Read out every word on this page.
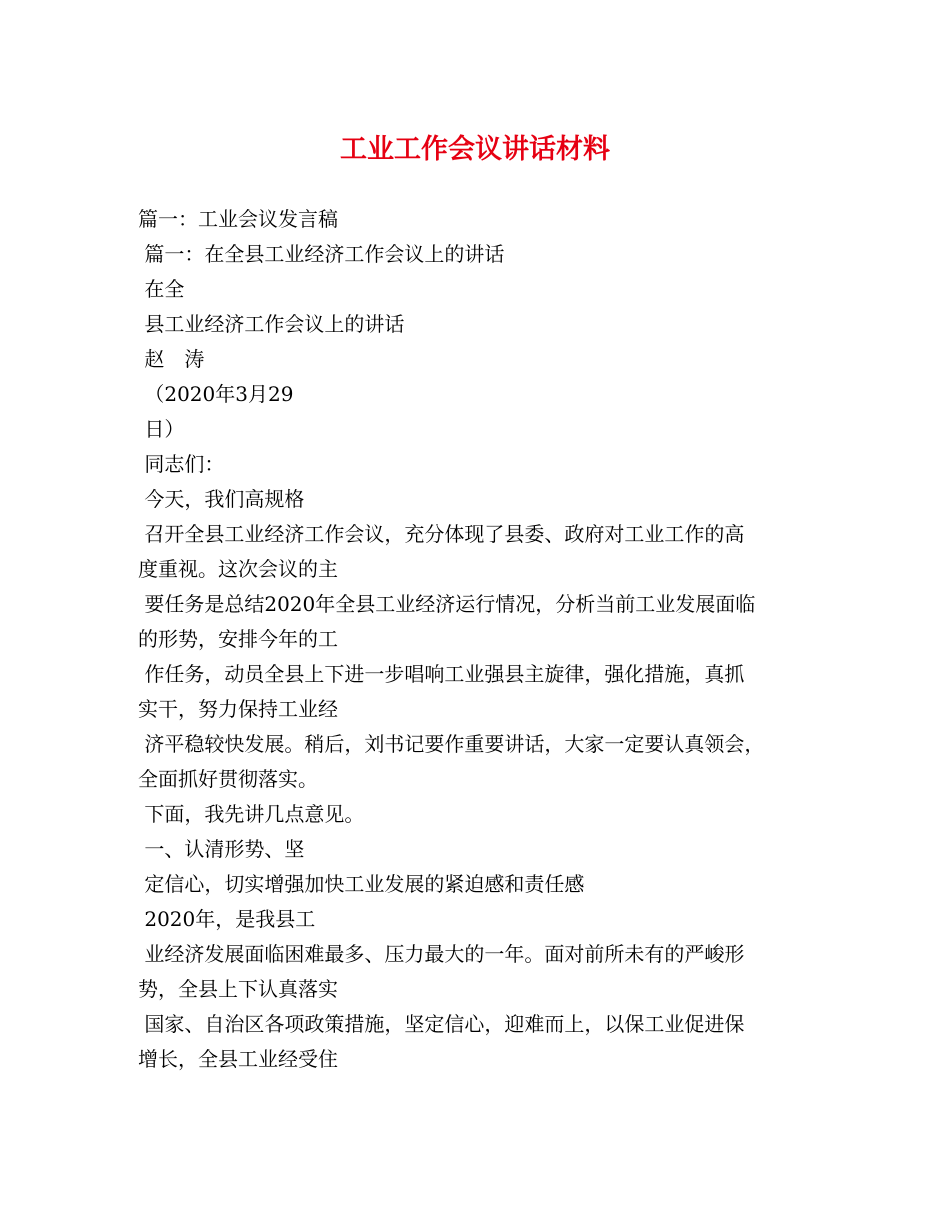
工业工作会议讲话材料
篇一：工业会议发言稿
篇一：在全县工业经济工作会议上的讲话
在全
县工业经济工作会议上的讲话
赵　涛
（2020年3月29
日）
同志们：
今天，我们高规格
召开全县工业经济工作会议，充分体现了县委、政府对工业工作的高
度重视。这次会议的主
要任务是总结2020年全县工业经济运行情况，分析当前工业发展面临
的形势，安排今年的工
作任务，动员全县上下进一步唱响工业强县主旋律，强化措施，真抓
实干，努力保持工业经
济平稳较快发展。稍后，刘书记要作重要讲话，大家一定要认真领会，
全面抓好贯彻落实。
下面，我先讲几点意见。
一、认清形势、坚
定信心，切实增强加快工业发展的紧迫感和责任感
2020年，是我县工
业经济发展面临困难最多、压力最大的一年。面对前所未有的严峻形
势，全县上下认真落实
国家、自治区各项政策措施，坚定信心，迎难而上，以保工业促进保
增长，全县工业经受住
